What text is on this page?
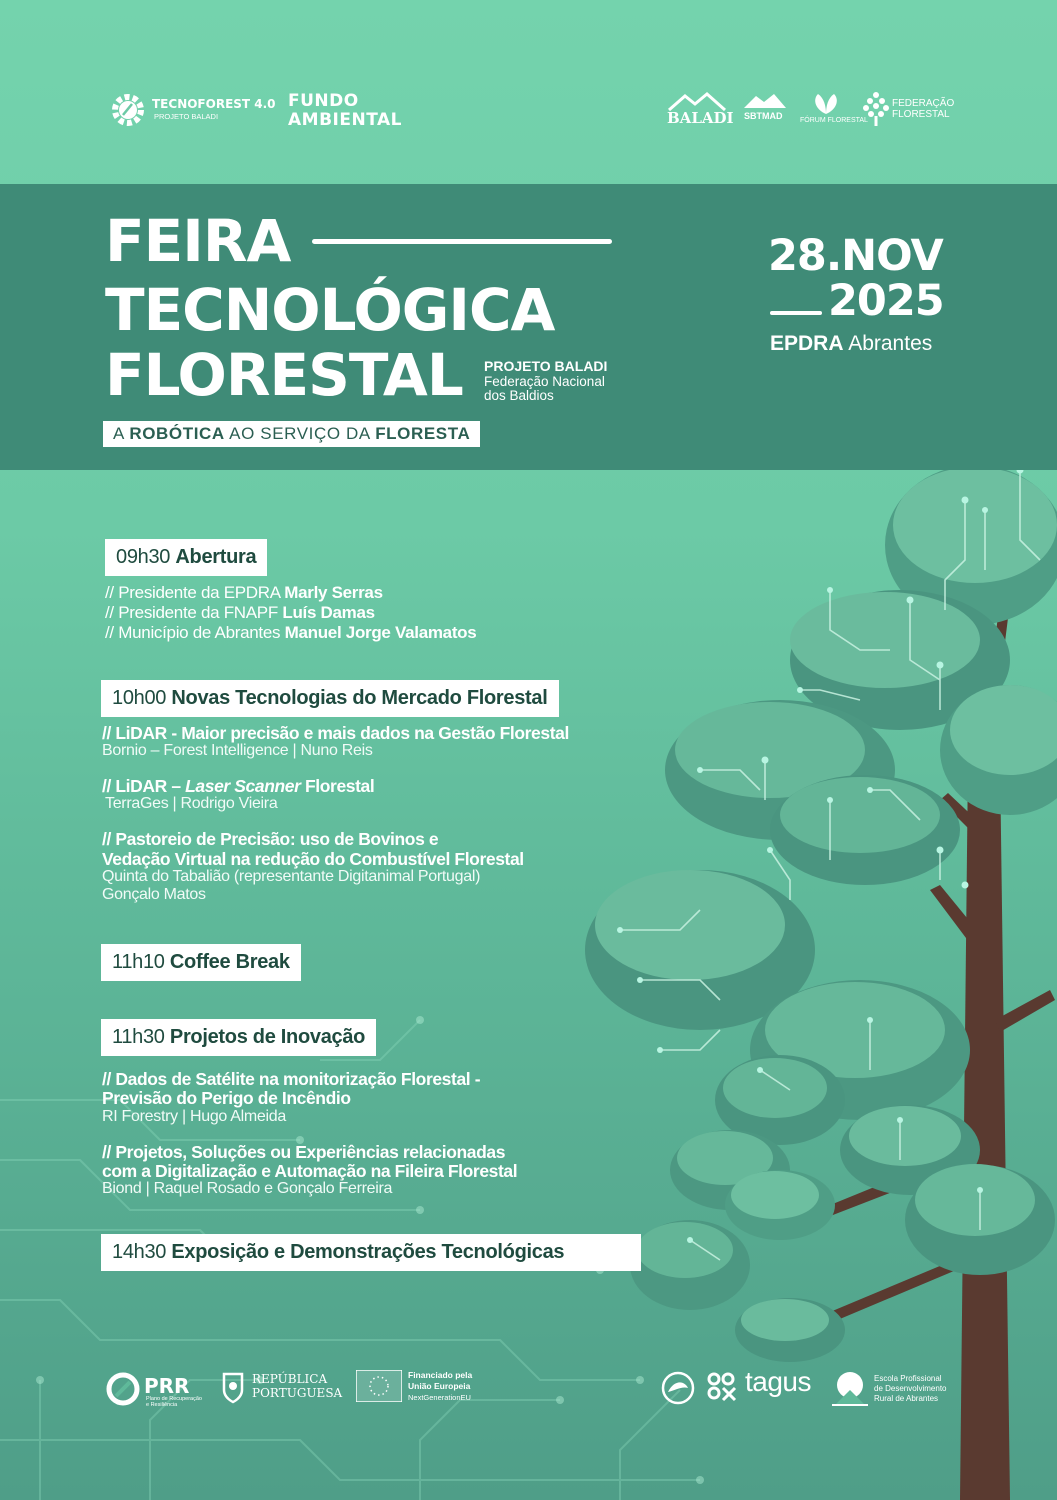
TECNOFOREST 4.0
PROJETO BALADI
FUNDO
AMBIENTAL	BALADI SBTMAD	FÓRUM FLORESTAL
FEDERAÇÃO
FLORESTAL
FEIRA
TECNOLÓGICA
FLORESTAL PROJETO BALADI
Federação Nacional
dos Baldios
A ROBÓTICA AO SERVIÇO DA FLORESTA
28.NOV
2025
EPDRA Abrantes
09h30 Abertura
// Presidente da EPDRA Marly Serras
// Presidente da FNAPF Luís Damas
// Município de Abrantes Manuel Jorge Valamatos
10h00 Novas Tecnologias do Mercado Florestal
// LiDAR - Maior precisão e mais dados na Gestão Florestal
Bornio – Forest Intelligence | Nuno Reis
// LiDAR – Laser Scanner Florestal
TerraGes | Rodrigo Vieira
// Pastoreio de Precisão: uso de Bovinos e
Vedação Virtual na redução do Combustível Florestal
Quinta do Tabalião (representante Digitanimal Portugal)
Gonçalo Matos
11h10 Coffee Break
11h30 Projetos de Inovação
// Dados de Satélite na monitorização Florestal -
Previsão do Perigo de Incêndio
RI Forestry | Hugo Almeida
// Projetos, Soluções ou Experiências relacionadas
com a Digitalização e Automação na Fileira Florestal
Biond | Raquel Rosado e Gonçalo Ferreira
14h30 Exposição e Demonstrações Tecnológicas
PRR
Plano de Recuperação
e Resiliência
REPÚBLICA
PORTUGUESA
Financiado pela
União Europeia
NextGenerationEU
tagus	Escola Profissional
de Desenvolvimento
Rural de Abrantes
